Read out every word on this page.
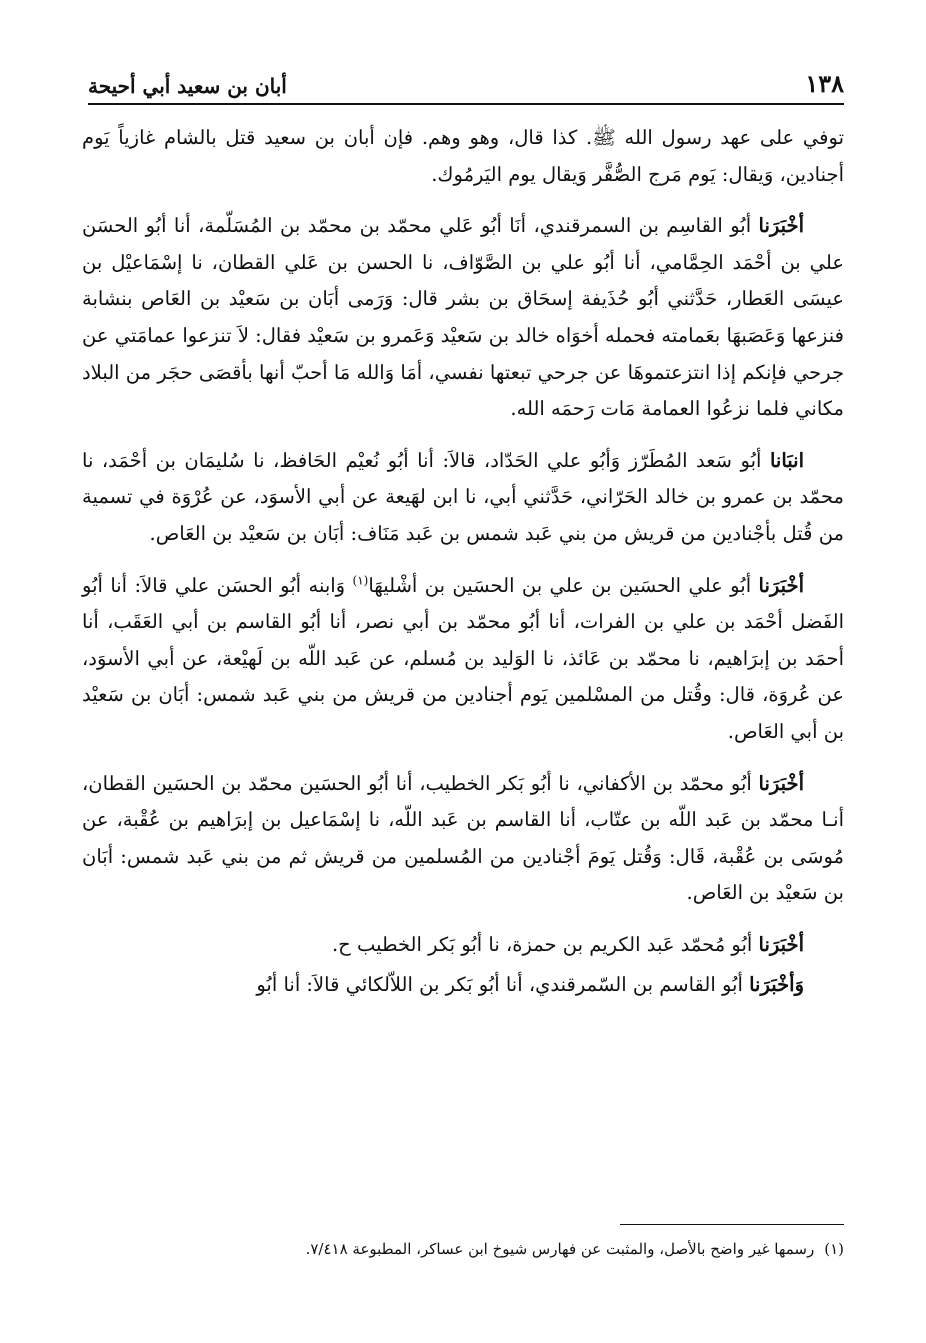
١٣٨
أبان بن سعيد أبي أحيحة

توفي على عهد رسول الله ﷺ. كذا قال، وهو وهم. فإن أبان بن سعيد قتل بالشام غازياً يَوم أجنادين، وَيقال: يَوم مَرج الصُّفَّر وَيقال يوم اليَرمُوك.

أخْبَرَنا أبُو القاسِم بن السمرقندي، أنَا أبُو عَلي محمّد بن محمّد بن المُسَلّمة، أنا أبُو الحسَن علي بن أحْمَد الحِمَّامي، أنا أبُو علي بن الصَّوّاف، نا الحسن بن عَلي القطان، نا إسْمَاعيْل بن عيسَى العَطار، حَدَّثني أبُو حُذَيفة إسحَاق بن بشر قال: وَرَمى أبَان بن سَعيْد بن العَاص بنشابة فنزعها وَعَصَبهَا بعَمامته فحمله أخوَاه خالد بن سَعيْد وَعَمرو بن سَعيْد فقال: لاَ تنزعوا عمامَتي عن جرحي فإنكم إذا انتزعتموهَا عن جرحي تبعتها نفسي، أمَا وَالله مَا أحبّ أنها بأقصَى حجَر من البلاد مكاني فلما نزعُوا العمامة مَات رَحمَه الله.

انبَانا أبُو سَعد المُطَرّز وَأبُو علي الحَدّاد، قالاَ: أنا أبُو نُعيْم الحَافظ، نا سُليمَان بن أحْمَد، نا محمّد بن عمرو بن خالد الحَرّاني، حَدَّثني أبي، نا ابن لهَيعة عن أبي الأسوَد، عن عُرْوَة في تسمية من قُتل بأجْنادين من قريش من بني عَبد شمس بن عَبد مَنَاف: أبَان بن سَعيْد بن العَاص.

أخْبَرَنا أبُو علي الحسَين بن علي بن الحسَين بن أشْليهَا$^{(١)}$ وَابنه أبُو الحسَن علي قالاَ: أنا أبُو الفَضل أحْمَد بن علي بن الفرات، أنا أبُو محمّد بن أبي نصر، أنا أبُو القاسم بن أبي العَقَب، أنا أحمَد بن إبرَاهيم، نا محمّد بن عَائذ، نا الوَليد بن مُسلم، عن عَبد اللّه بن لَهيْعة، عن أبي الأسوَد، عن عُروَة، قال: وقُتل من المسْلمين يَوم أجنادين من قريش من بني عَبد شمس: أبَان بن سَعيْد بن أبي العَاص.

أخْبَرَنا أبُو محمّد بن الأكفاني، نا أبُو بَكر الخطيب، أنا أبُو الحسَين محمّد بن الحسَين القطان، أنـا محمّد بن عَبد اللّه بن عتّاب، أنا القاسم بن عَبد اللّه، نا إسْمَاعيل بن إبرَاهيم بن عُقْبة، عن مُوسَى بن عُقْبة، قَال: وَقُتل يَومَ أجْنادين من المُسلمين من قريش ثم من بني عَبد شمس: أبَان بن سَعيْد بن العَاص.

أخْبَرَنا أبُو مُحمّد عَبد الكريم بن حمزة، نا أبُو بَكر الخطيب ح.

وَأخْبَرَنا أبُو القاسم بن السّمرقندي، أنا أبُو بَكر بن اللاّلكائي قالاَ: أنا أبُو

(١)رسمها غير واضح بالأصل، والمثبت عن فهارس شيوخ ابن عساكر، المطبوعة ٧/٤١٨.
